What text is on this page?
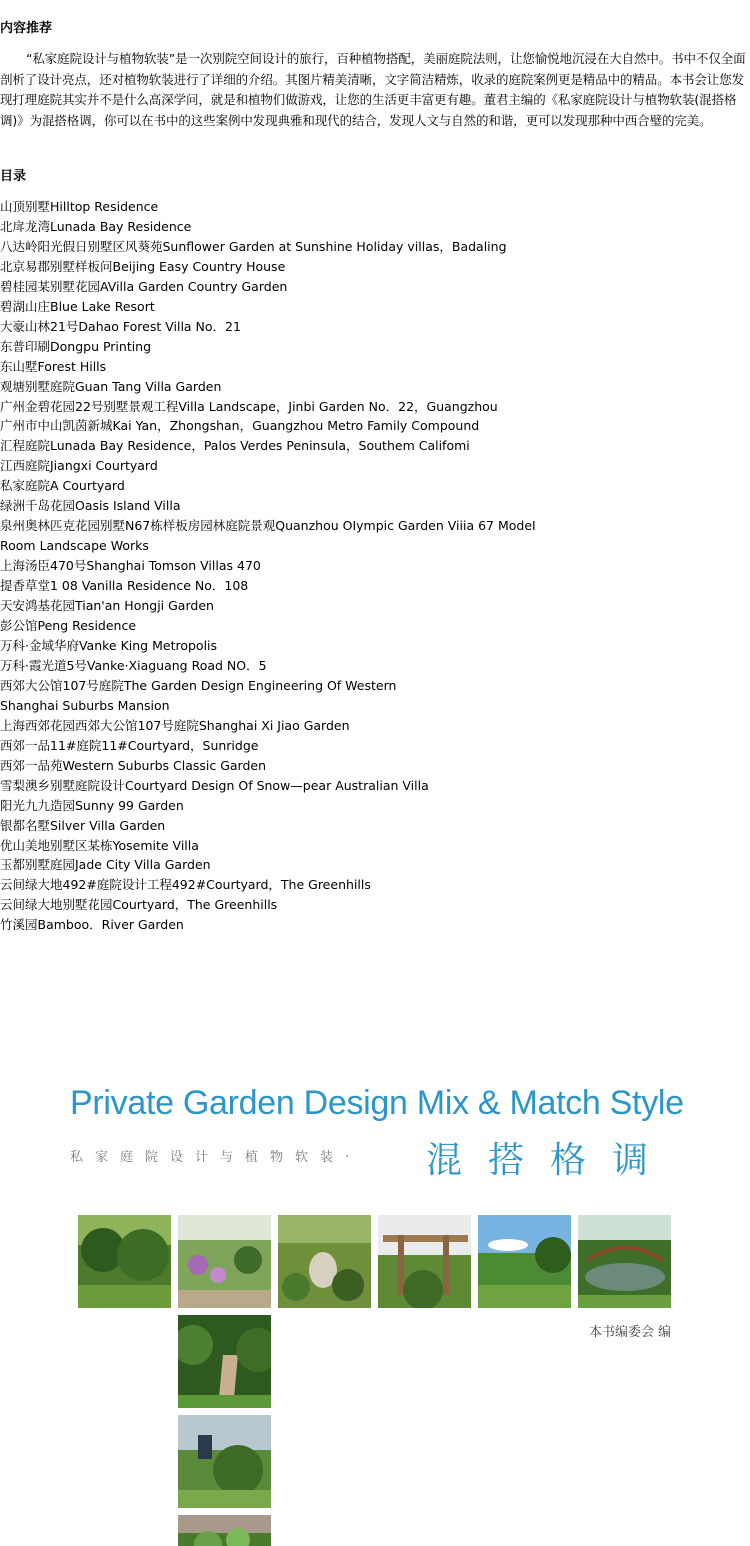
内容推荐

“私家庭院设计与植物软装”是一次别院空间设计的旅行，百种植物搭配，美丽庭院法则，让您愉悦地沉浸在大自然中。书中不仅全面剖析了设计亮点，还对植物软装进行了详细的介绍。其图片精美清晰，文字简洁精炼，收录的庭院案例更是精品中的精品。本书会让您发现打理庭院其实并不是什么高深学问，就是和植物们做游戏，让您的生活更丰富更有趣。董君主编的《私家庭院设计与植物软装(混搭格调)》为混搭格调，你可以在书中的这些案例中发现典雅和现代的结合，发现人文与自然的和谐，更可以发现那种中西合璧的完美。

目录
山顶别墅Hilltop Residence
北戽龙湾Lunada Bay Residence
八达岭阳光假日别墅区风葵苑Sunflower Garden at Sunshine Holiday villas，Badaling
北京易郡别墅样板问Beijing Easy Country House
碧桂园某别墅花园AVilla Garden Country Garden
碧湖山庄Blue Lake Resort
大豪山林21号Dahao Forest Villa No．21
东普印刷Dongpu Printing
东山墅Forest Hills
观塘别墅庭院Guan Tang Villa Garden
广州金碧花园22号别墅景观工程Villa Landscape，Jinbi Garden No．22，Guangzhou
广州市中山凯茵新城Kai Yan，Zhongshan，Guangzhou Metro Family Compound
汇程庭院Lunada Bay Residence，Palos Verdes Peninsula，Southem Califomi
江西庭院Jiangxi Courtyard
私家庭院A Courtyard
绿洲千岛花园Oasis Island Villa
泉州奥林匹克花园别墅N67栋样板房园林庭院景观Quanzhou OIympic Garden Viiia 67 ModeI
Room Landscape Works
上海汤臣470号Shanghai Tomson Villas 470
提香草堂1 08 Vanilla Residence No．108
天安鸿基花园Tian'an Hongji Garden
彭公馆Peng Residence
万科·金域华府Vanke King Metropolis
万科·霞光道5号Vanke·Xiaguang Road NO．5
西郊大公馆107号庭院The Garden Design Engineering Of Western
Shanghai Suburbs Mansion
上海西郊花园西郊大公馆107号庭院Shanghai Xi Jiao Garden
西郊一品11#庭院11#Courtyard，Sunridge
西郊一品苑Western Suburbs Classic Garden
雪梨澳乡别墅庭院设计Courtyard Design Of Snow—pear Australian Villa
阳光九九造园Sunny 99 Garden
银都名墅Silver Villa Garden
优山美地别墅区某栋Yosemite Villa
玉都别墅庭园Jade City Villa Garden
云间绿大地492#庭院设计工程492#Courtyard，The Greenhills
云间绿大地别墅花园Courtyard，The Greenhills
竹溪园Bamboo．River Garden
Private Garden Design Mix & Match Style
私家庭院设计与植物软装· 混搭格调
本书编委会 编
